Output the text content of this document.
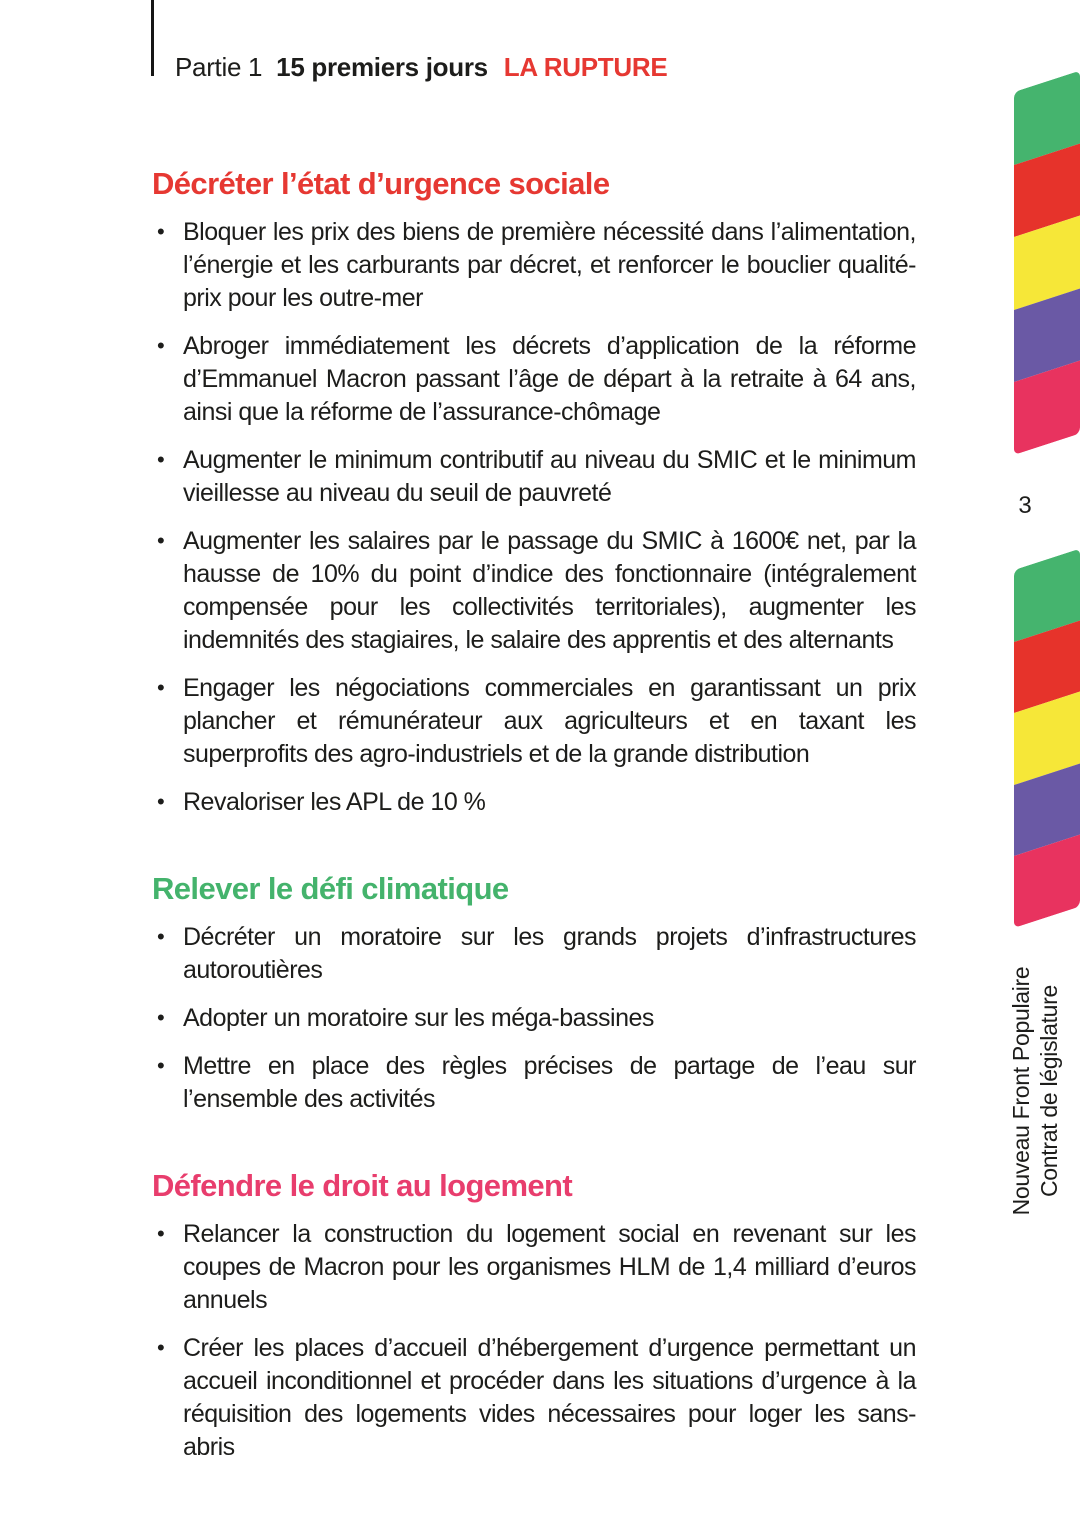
Partie 1 15 premiers jours LA RUPTURE
Décréter l’état d’urgence sociale
• Bloquer les prix des biens de première nécessité dans l’alimentation, l’énergie et les carburants par décret, et renforcer le bouclier qualité-prix pour les outre-mer
• Abroger immédiatement les décrets d’application de la réforme d’Emmanuel Macron passant l’âge de départ à la retraite à 64 ans, ainsi que la réforme de l’assurance-chômage
• Augmenter le minimum contributif au niveau du SMIC et le minimum vieillesse au niveau du seuil de pauvreté
• Augmenter les salaires par le passage du SMIC à 1600€ net, par la hausse de 10% du point d’indice des fonctionnaire (intégralement compensée pour les collectivités territoriales), augmenter les indemnités des stagiaires, le salaire des apprentis et des alternants
• Engager les négociations commerciales en garantissant un prix plancher et rémunérateur aux agriculteurs et en taxant les superprofits des agro-industriels et de la grande distribution
• Revaloriser les APL de 10 %
Relever le défi climatique
• Décréter un moratoire sur les grands projets d’infrastructures autoroutières
• Adopter un moratoire sur les méga-bassines
• Mettre en place des règles précises de partage de l’eau sur l’ensemble des activités
Défendre le droit au logement
• Relancer la construction du logement social en revenant sur les coupes de Macron pour les organismes HLM de 1,4 milliard d’euros annuels
• Créer les places d’accueil d’hébergement d’urgence permettant un accueil inconditionnel et procéder dans les situations d’urgence à la réquisition des logements vides nécessaires pour loger les sans-abris
3
Nouveau Front Populaire Contrat de législature
